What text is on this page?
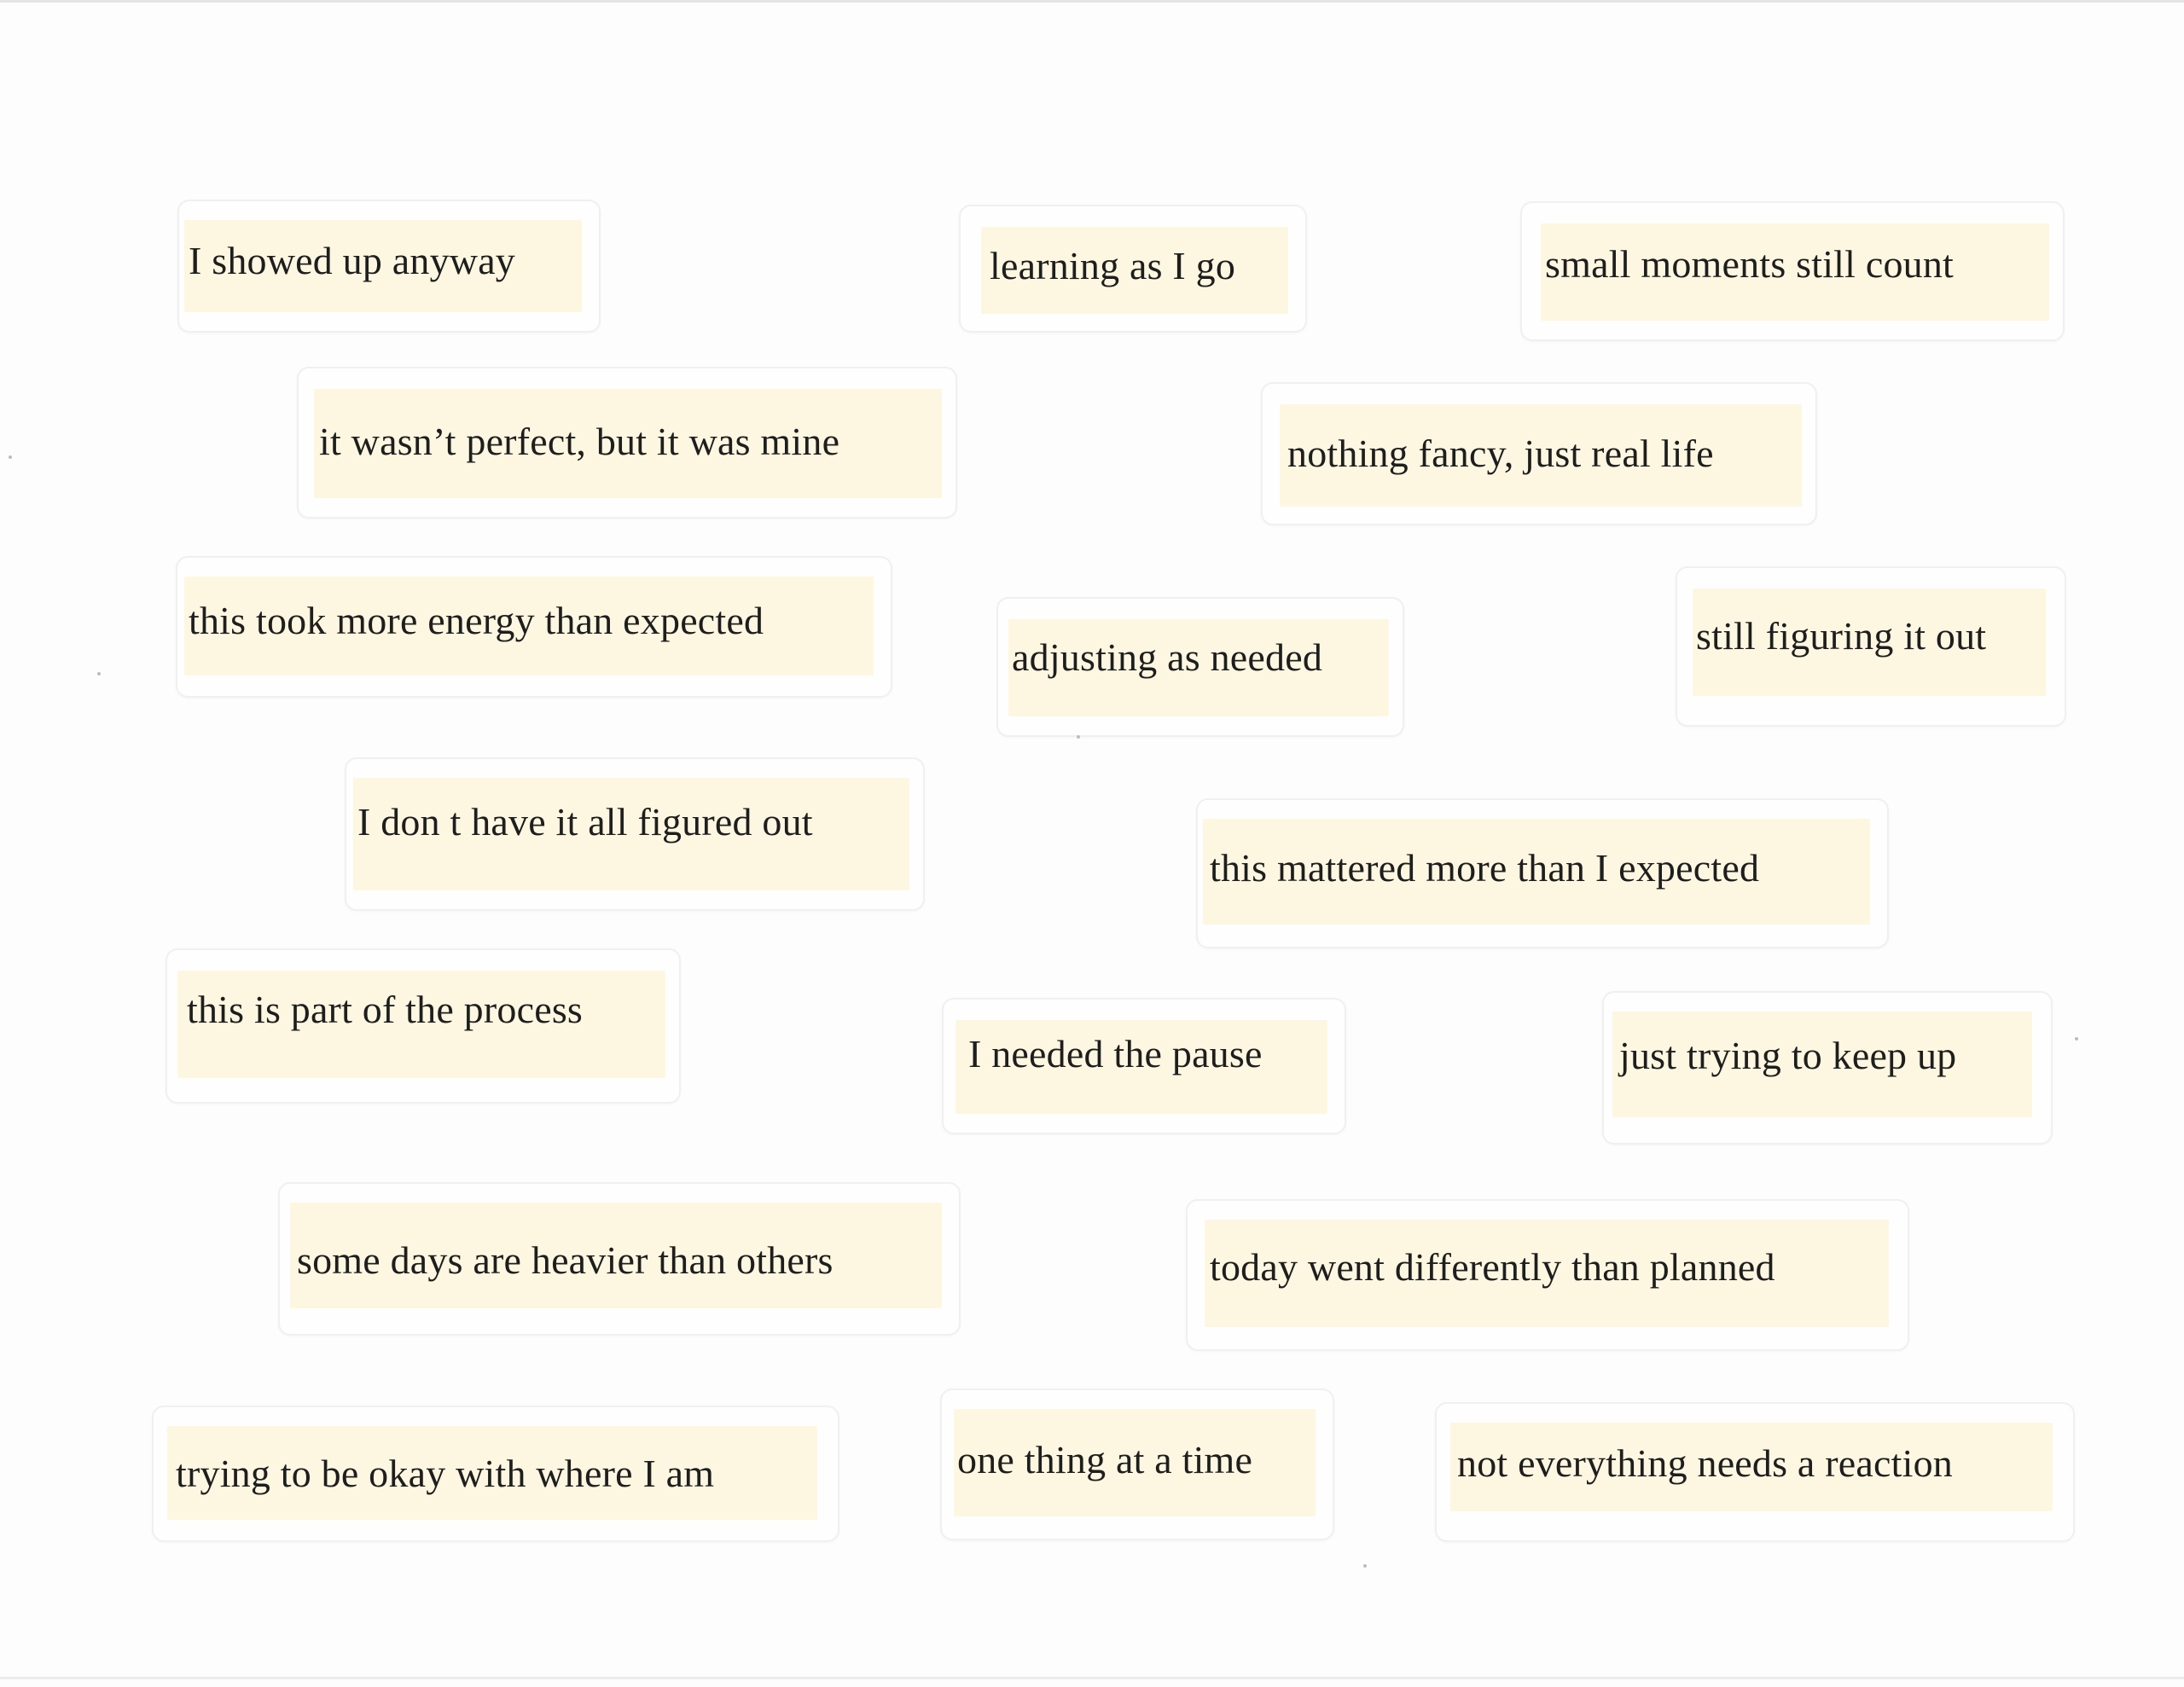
I showed up anyway	learning as I go	small moments still count
it wasn’t perfect, but it was mine	nothing fancy, just real life
this took more energy than expected
adjusting as needed	still figuring it out
I don t have it all figured out
this mattered more than I expected
this is part of the process
I needed the pause	just trying to keep up
some days are heavier than others	today went differently than planned
trying to be okay with where I am	one thing at a time	not everything needs a reaction
